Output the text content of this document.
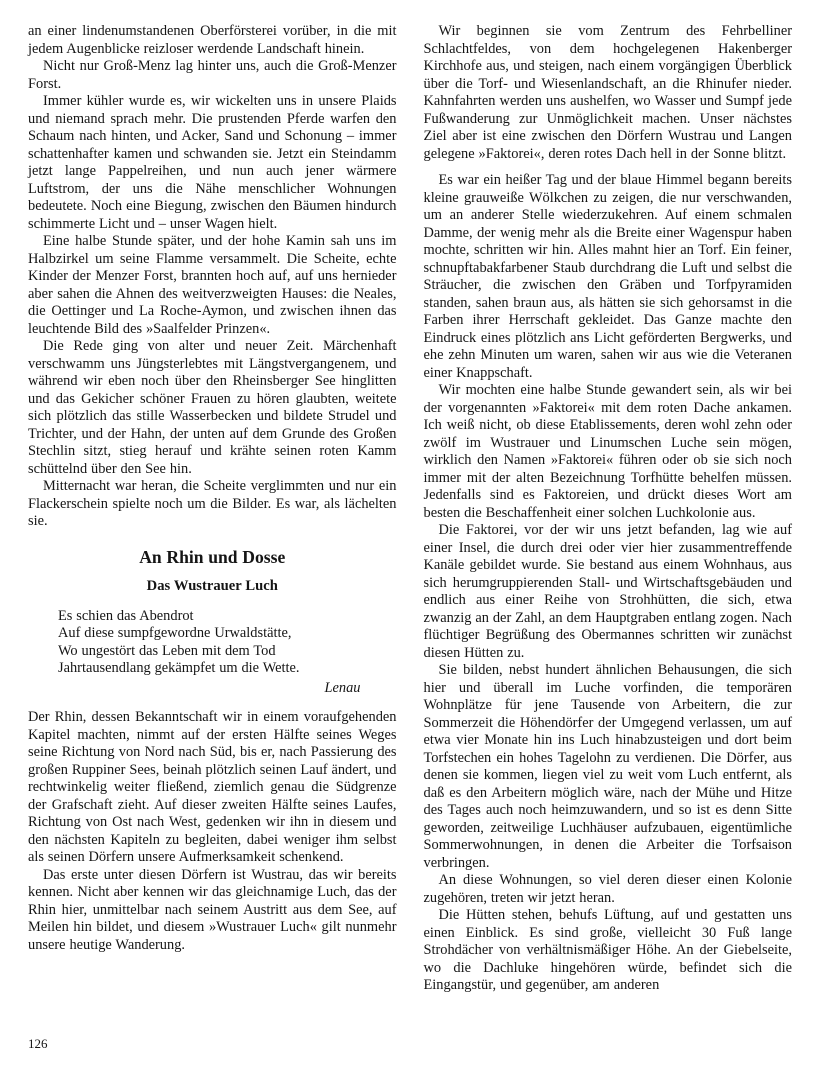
an einer lindenumstandenen Oberförsterei vorüber, in die mit jedem Augenblicke reizloser werdende Landschaft hinein.

Nicht nur Groß-Menz lag hinter uns, auch die Groß-Menzer Forst.

Immer kühler wurde es, wir wickelten uns in unsere Plaids und niemand sprach mehr. Die prustenden Pferde warfen den Schaum nach hinten, und Acker, Sand und Schonung – immer schattenhafter kamen und schwanden sie. Jetzt ein Steindamm jetzt lange Pappelreihen, und nun auch jener wärmere Luftstrom, der uns die Nähe menschlicher Wohnungen bedeutete. Noch eine Biegung, zwischen den Bäumen hindurch schimmerte Licht und – unser Wagen hielt.

Eine halbe Stunde später, und der hohe Kamin sah uns im Halbzirkel um seine Flamme versammelt. Die Scheite, echte Kinder der Menzer Forst, brannten hoch auf, auf uns hernieder aber sahen die Ahnen des weitverzweigten Hauses: die Neales, die Oettinger und La Roche-Aymon, und zwischen ihnen das leuchtende Bild des »Saalfelder Prinzen«.

Die Rede ging von alter und neuer Zeit. Märchenhaft verschwamm uns Jüngsterlebtes mit Längstvergangenem, und während wir eben noch über den Rheinsberger See hinglitten und das Gekicher schöner Frauen zu hören glaubten, weitete sich plötzlich das stille Wasserbecken und bildete Strudel und Trichter, und der Hahn, der unten auf dem Grunde des Großen Stechlin sitzt, stieg herauf und krähte seinen roten Kamm schüttelnd über den See hin.

Mitternacht war heran, die Scheite verglimmten und nur ein Flackerschein spielte noch um die Bilder. Es war, als lächelten sie.

An Rhin und Dosse
Das Wustrauer Luch
Es schien das Abendrot
Auf diese sumpfgewordne Urwaldstätte,
Wo ungestört das Leben mit dem Tod
Jahrtausendlang gekämpfet um die Wette.
Lenau

Der Rhin, dessen Bekanntschaft wir in einem voraufgehenden Kapitel machten, nimmt auf der ersten Hälfte seines Weges seine Richtung von Nord nach Süd, bis er, nach Passierung des großen Ruppiner Sees, beinah plötzlich seinen Lauf ändert, und rechtwinkelig weiter fließend, ziemlich genau die Südgrenze der Grafschaft zieht. Auf dieser zweiten Hälfte seines Laufes, Richtung von Ost nach West, gedenken wir ihn in diesem und den nächsten Kapiteln zu begleiten, dabei weniger ihm selbst als seinen Dörfern unsere Aufmerksamkeit schenkend.

Das erste unter diesen Dörfern ist Wustrau, das wir bereits kennen. Nicht aber kennen wir das gleichnamige Luch, das der Rhin hier, unmittelbar nach seinem Austritt aus dem See, auf Meilen hin bildet, und diesem »Wustrauer Luch« gilt nunmehr unsere heutige Wanderung.

Wir beginnen sie vom Zentrum des Fehrbelliner Schlachtfeldes, von dem hochgelegenen Hakenberger Kirchhofe aus, und steigen, nach einem vorgängigen Überblick über die Torf- und Wiesenlandschaft, an die Rhinufer nieder. Kahnfahrten werden uns aushelfen, wo Wasser und Sumpf jede Fußwanderung zur Unmöglichkeit machen. Unser nächstes Ziel aber ist eine zwischen den Dörfern Wustrau und Langen gelegene »Faktorei«, deren rotes Dach hell in der Sonne blitzt.

Es war ein heißer Tag und der blaue Himmel begann bereits kleine grauweiße Wölkchen zu zeigen, die nur verschwanden, um an anderer Stelle wiederzukehren. Auf einem schmalen Damme, der wenig mehr als die Breite einer Wagenspur haben mochte, schritten wir hin. Alles mahnt hier an Torf. Ein feiner, schnupftabakfarbener Staub durchdrang die Luft und selbst die Sträucher, die zwischen den Gräben und Torfpyramiden standen, sahen braun aus, als hätten sie sich gehorsamst in die Farben ihrer Herrschaft gekleidet. Das Ganze machte den Eindruck eines plötzlich ans Licht geförderten Bergwerks, und ehe zehn Minuten um waren, sahen wir aus wie die Veteranen einer Knappschaft.

Wir mochten eine halbe Stunde gewandert sein, als wir bei der vorgenannten »Faktorei« mit dem roten Dache ankamen. Ich weiß nicht, ob diese Etablissements, deren wohl zehn oder zwölf im Wustrauer und Linumschen Luche sein mögen, wirklich den Namen »Faktorei« führen oder ob sie sich noch immer mit der alten Bezeichnung Torfhütte behelfen müssen. Jedenfalls sind es Faktoreien, und drückt dieses Wort am besten die Beschaffenheit einer solchen Luchkolonie aus.

Die Faktorei, vor der wir uns jetzt befanden, lag wie auf einer Insel, die durch drei oder vier hier zusammentreffende Kanäle gebildet wurde. Sie bestand aus einem Wohnhaus, aus sich herumgruppierenden Stall- und Wirtschaftsgebäuden und endlich aus einer Reihe von Strohhütten, die sich, etwa zwanzig an der Zahl, an dem Hauptgraben entlang zogen. Nach flüchtiger Begrüßung des Obermannes schritten wir zunächst diesen Hütten zu.

Sie bilden, nebst hundert ähnlichen Behausungen, die sich hier und überall im Luche vorfinden, die temporären Wohnplätze für jene Tausende von Arbeitern, die zur Sommerzeit die Höhendörfer der Umgegend verlassen, um auf etwa vier Monate hin ins Luch hinabzusteigen und dort beim Torfstechen ein hohes Tagelohn zu verdienen. Die Dörfer, aus denen sie kommen, liegen viel zu weit vom Luch entfernt, als daß es den Arbeitern möglich wäre, nach der Mühe und Hitze des Tages auch noch heimzuwandern, und so ist es denn Sitte geworden, zeitweilige Luchhäuser aufzubauen, eigentümliche Sommerwohnungen, in denen die Arbeiter die Torfsaison verbringen.

An diese Wohnungen, so viel deren dieser einen Kolonie zugehören, treten wir jetzt heran.

Die Hütten stehen, behufs Lüftung, auf und gestatten uns einen Einblick. Es sind große, vielleicht 30 Fuß lange Strohdächer von verhältnismäßiger Höhe. An der Giebelseite, wo die Dachluke hingehören würde, befindet sich die Eingangstür, und gegenüber, am anderen

126
